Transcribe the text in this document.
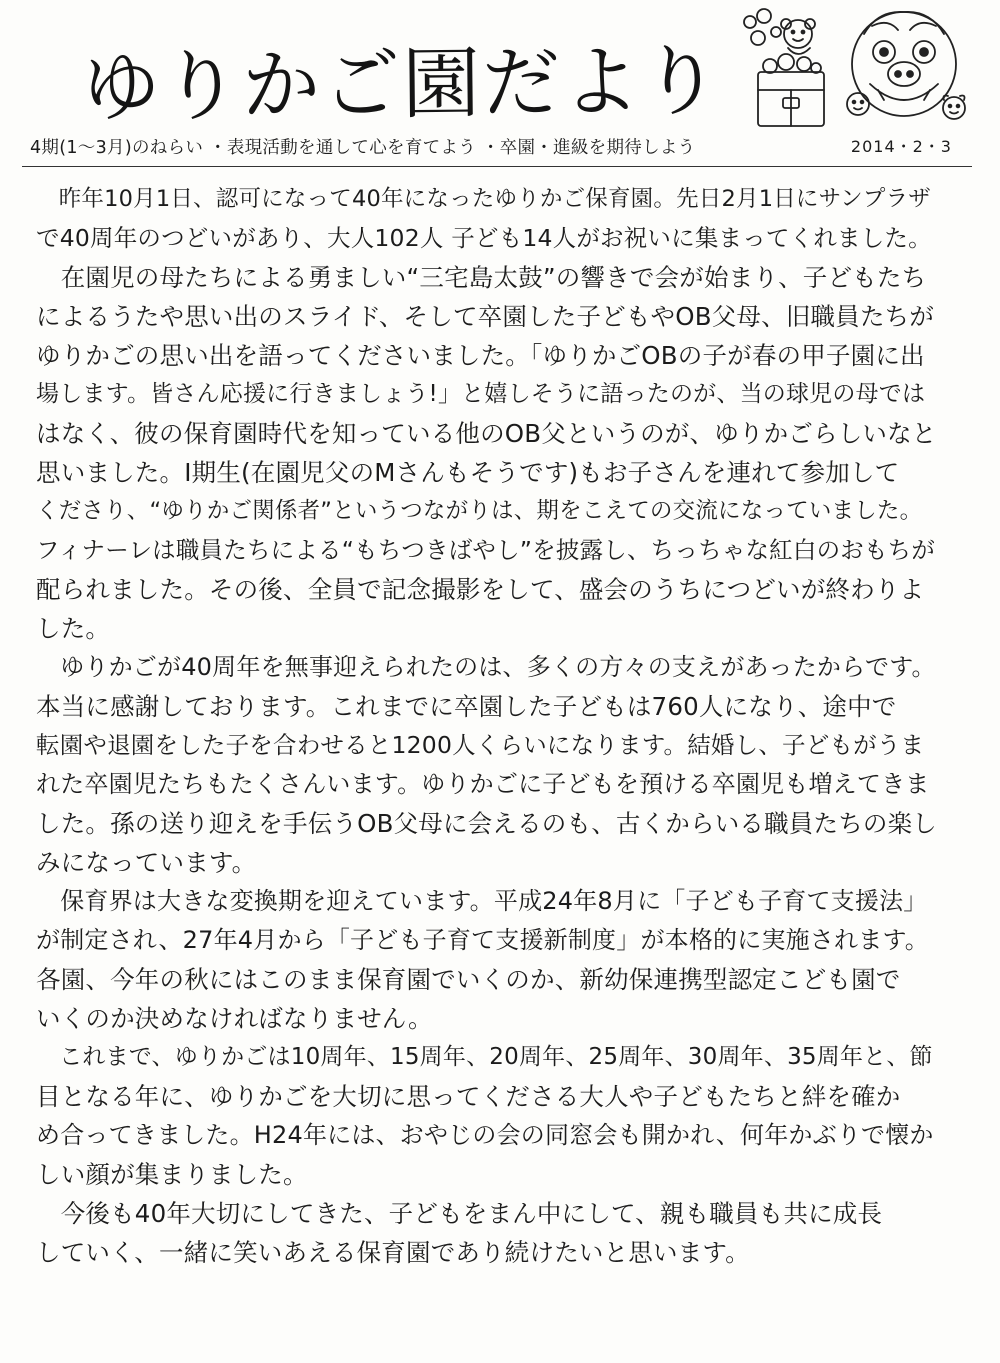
ゆりかご園だより
4期(1〜3月)のねらい ・表現活動を通して心を育てよう ・卒園・進級を期待しよう	2014・2・3
　昨年10月1日、認可になって40年になったゆりかご保育園。先日2月1日にサンプラザ
で40周年のつどいがあり、大人102人 子ども14人がお祝いに集まってくれました。
　在園児の母たちによる勇ましい“三宅島太鼓”の響きで会が始まり、子どもたち
によるうたや思い出のスライド、そして卒園した子どもやOB父母、旧職員たちが
ゆりかごの思い出を語ってくださいました。「ゆりかごOBの子が春の甲子園に出
場します。皆さん応援に行きましょう!」と嬉しそうに語ったのが、当の球児の母では
はなく、彼の保育園時代を知っている他のOB父というのが、ゆりかごらしいなと
思いました。Ⅰ期生(在園児父のMさんもそうです)もお子さんを連れて参加して
くださり、“ゆりかご関係者”というつながりは、期をこえての交流になっていました。
フィナーレは職員たちによる“もちつきばやし”を披露し、ちっちゃな紅白のおもちが
配られました。その後、全員で記念撮影をして、盛会のうちにつどいが終わりよ
した。
　ゆりかごが40周年を無事迎えられたのは、多くの方々の支えがあったからです。
本当に感謝しております。これまでに卒園した子どもは760人になり、途中で
転園や退園をした子を合わせると1200人くらいになります。結婚し、子どもがうま
れた卒園児たちもたくさんいます。ゆりかごに子どもを預ける卒園児も増えてきま
した。孫の送り迎えを手伝うOB父母に会えるのも、古くからいる職員たちの楽し
みになっています。
　保育界は大きな変換期を迎えています。平成24年8月に「子ども子育て支援法」
が制定され、27年4月から「子ども子育て支援新制度」が本格的に実施されます。
各園、今年の秋にはこのまま保育園でいくのか、新幼保連携型認定こども園で
いくのか決めなければなりません。
　これまで、ゆりかごは10周年、15周年、20周年、25周年、30周年、35周年と、節
目となる年に、ゆりかごを大切に思ってくださる大人や子どもたちと絆を確か
め合ってきました。H24年には、おやじの会の同窓会も開かれ、何年かぶりで懐か
しい顔が集まりました。
　今後も40年大切にしてきた、子どもをまん中にして、親も職員も共に成長
していく、一緒に笑いあえる保育園であり続けたいと思います。
